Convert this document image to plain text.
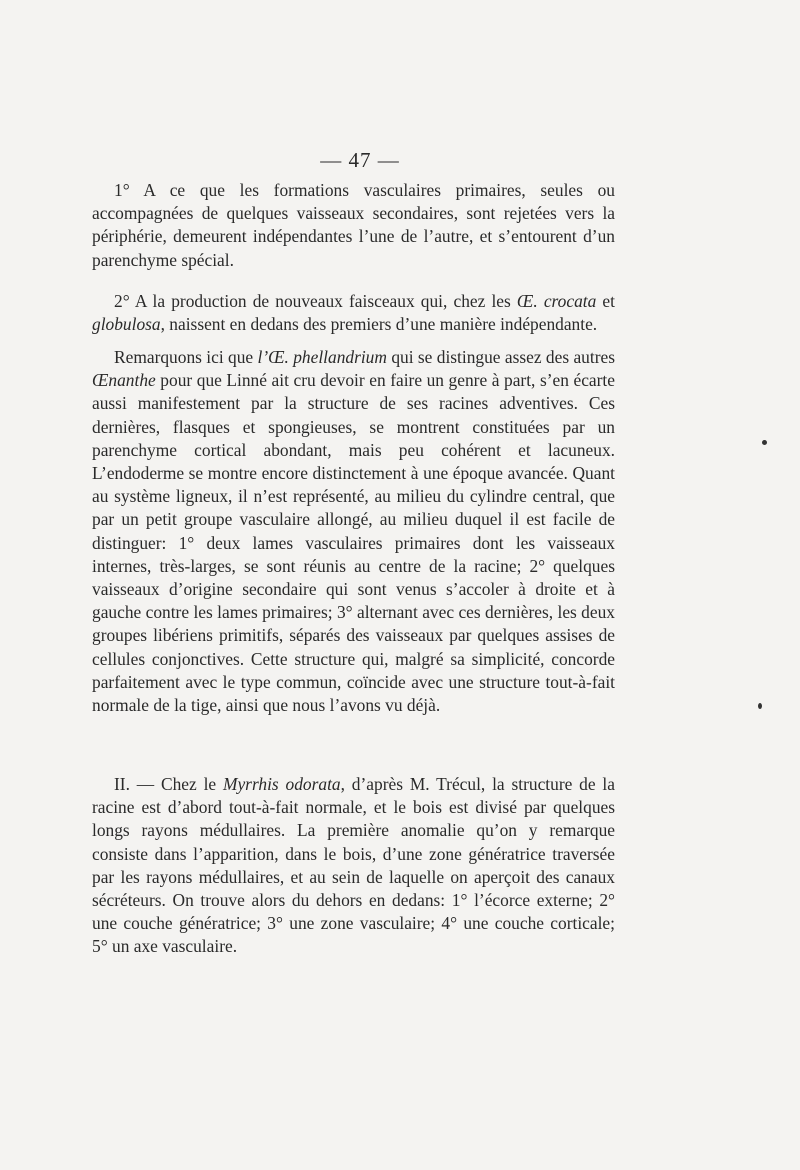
— 47 —

1° A ce que les formations vasculaires primaires, seules ou accompagnées de quelques vaisseaux secondaires, sont rejetées vers la périphérie, demeurent indépendantes l’une de l’autre, et s’entourent d’un parenchyme spécial.

2° A la production de nouveaux faisceaux qui, chez les Œ. crocata et globulosa, naissent en dedans des premiers d’une manière indépendante.

Remarquons ici que l’Œ. phellandrium qui se distingue assez des autres Œnanthe pour que Linné ait cru devoir en faire un genre à part, s’en écarte aussi manifestement par la structure de ses racines adventives. Ces dernières, flasques et spongieuses, se montrent constituées par un parenchyme cortical abondant, mais peu cohérent et lacuneux. L’endoderme se montre encore distinctement à une époque avancée. Quant au système ligneux, il n’est représenté, au milieu du cylindre central, que par un petit groupe vasculaire allongé, au milieu duquel il est facile de distinguer: 1° deux lames vasculaires primaires dont les vaisseaux internes, très-larges, se sont réunis au centre de la racine; 2° quelques vaisseaux d’origine secondaire qui sont venus s’accoler à droite et à gauche contre les lames primaires; 3° alternant avec ces dernières, les deux groupes libériens primitifs, séparés des vaisseaux par quelques assises de cellules conjonctives. Cette structure qui, malgré sa simplicité, concorde parfaitement avec le type commun, coïncide avec une structure tout-à-fait normale de la tige, ainsi que nous l’avons vu déjà.

II. — Chez le Myrrhis odorata, d’après M. Trécul, la structure de la racine est d’abord tout-à-fait normale, et le bois est divisé par quelques longs rayons médullaires. La première anomalie qu’on y remarque consiste dans l’apparition, dans le bois, d’une zone génératrice traversée par les rayons médullaires, et au sein de laquelle on aperçoit des canaux sécréteurs. On trouve alors du dehors en dedans: 1° l’écorce externe; 2° une couche génératrice; 3° une zone vasculaire; 4° une couche corticale; 5° un axe vasculaire.
